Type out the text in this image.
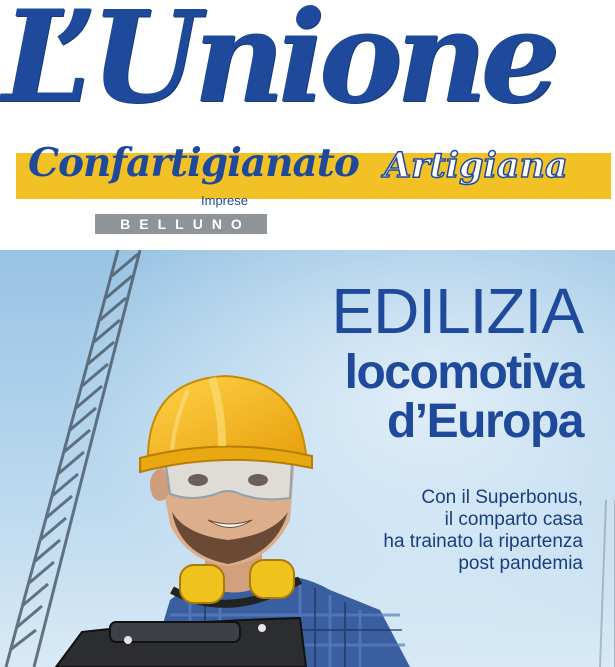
L’Unione
Confartigianato
Imprese
Artigiana
BELLUNO
EDILIZIA
locomotiva
d’Europa
Con il Superbonus,
il comparto casa
ha trainato la ripartenza
post pandemia
